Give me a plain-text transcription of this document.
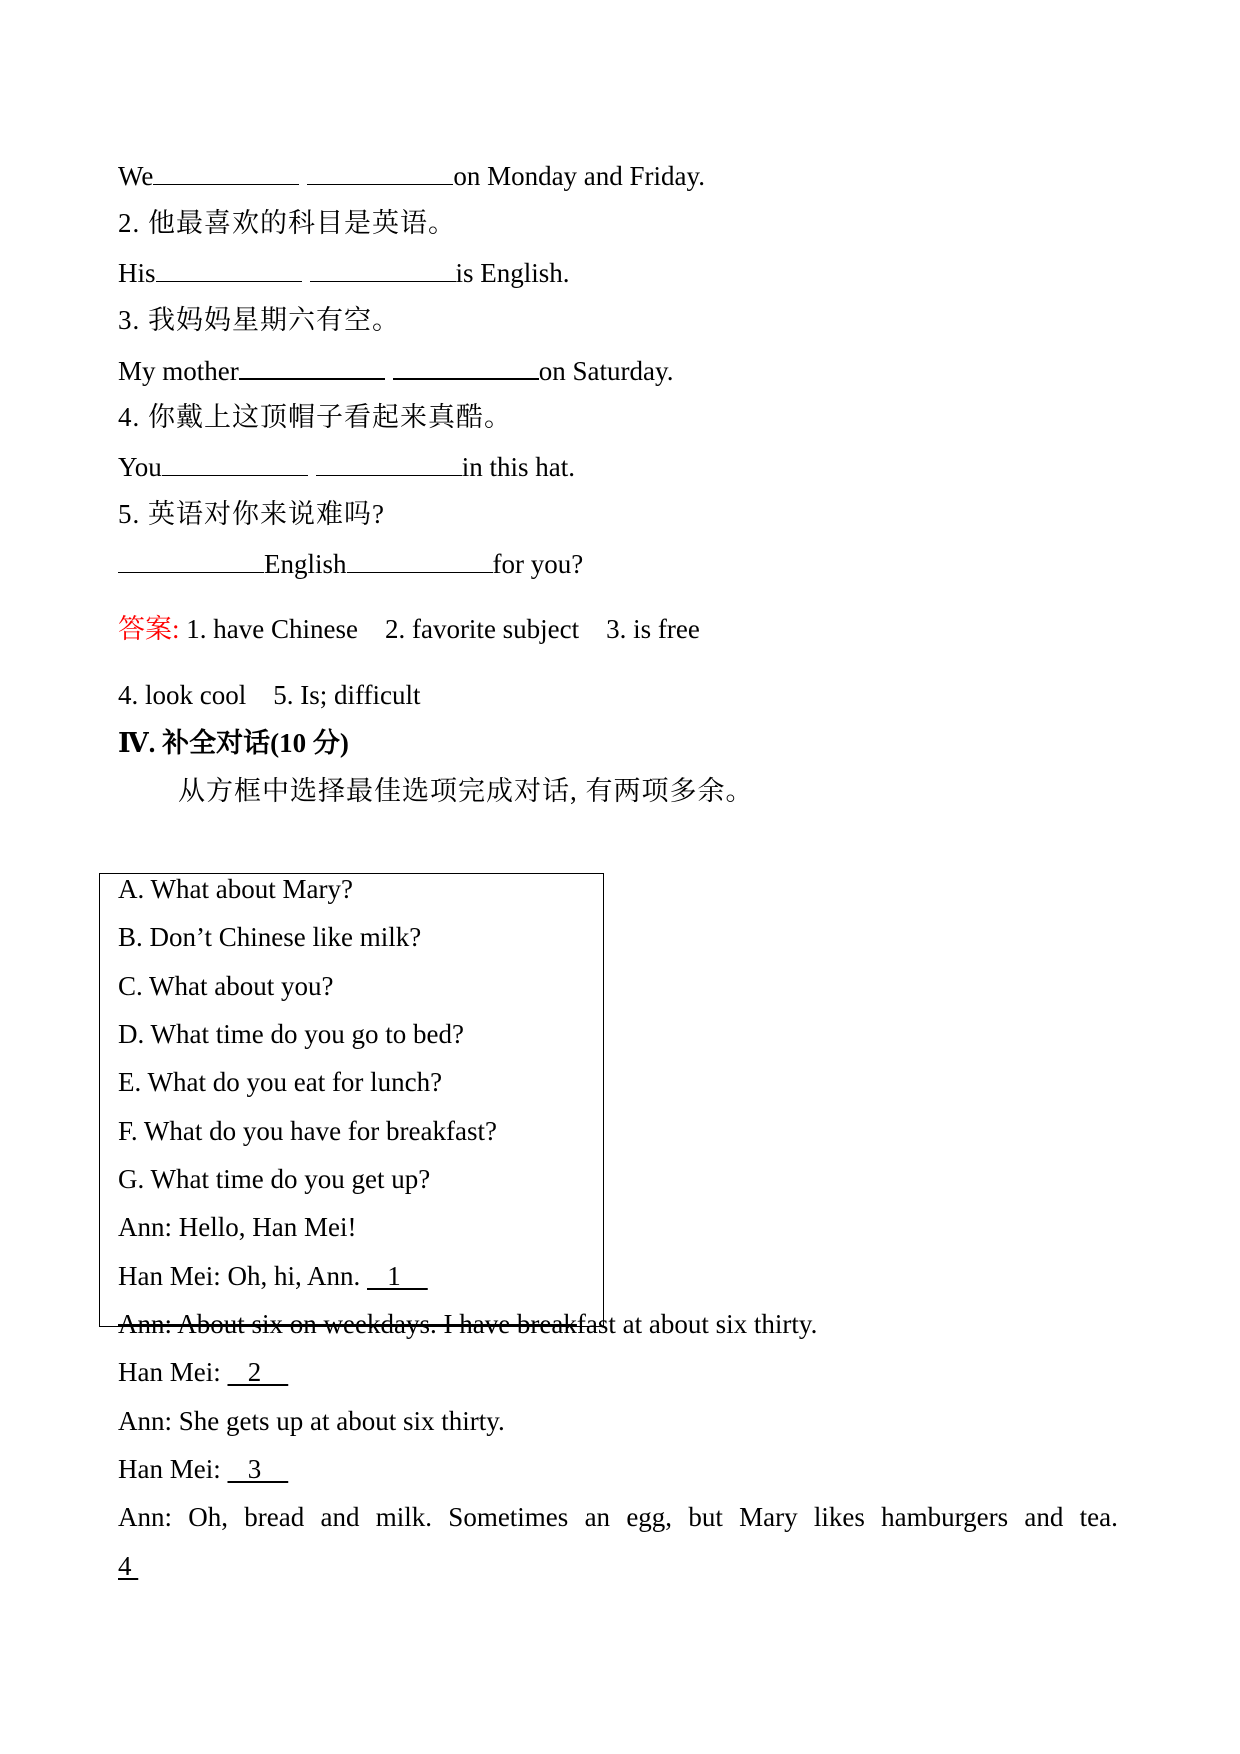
We	on Monday and Friday.
2. 他最喜欢的科目是英语。
His	is English.
3. 我妈妈星期六有空。
My mother	on Saturday.
4. 你戴上这顶帽子看起来真酷。
You	in this hat.
5. 英语对你来说难吗?
English	for you?
答案: 1. have Chinese    2. favorite subject    3. is free
4. look cool    5. Is; difficult
Ⅳ. 补全对话(10 分)
从方框中选择最佳选项完成对话, 有两项多余。
A. What about Mary?
B. Don’t Chinese like milk?
C. What about you?
D. What time do you go to bed?
E. What do you eat for lunch?
F. What do you have for breakfast?
G. What time do you get up?
Ann: Hello, Han Mei!
Han Mei: Oh, hi, Ann.    1
Ann: About six on weekdays. I have breakfast at about six thirty.
Han Mei:    2
Ann: She gets up at about six thirty.
Han Mei:    3
Ann: Oh, bread and milk. Sometimes an egg, but Mary likes hamburgers and tea.
4
